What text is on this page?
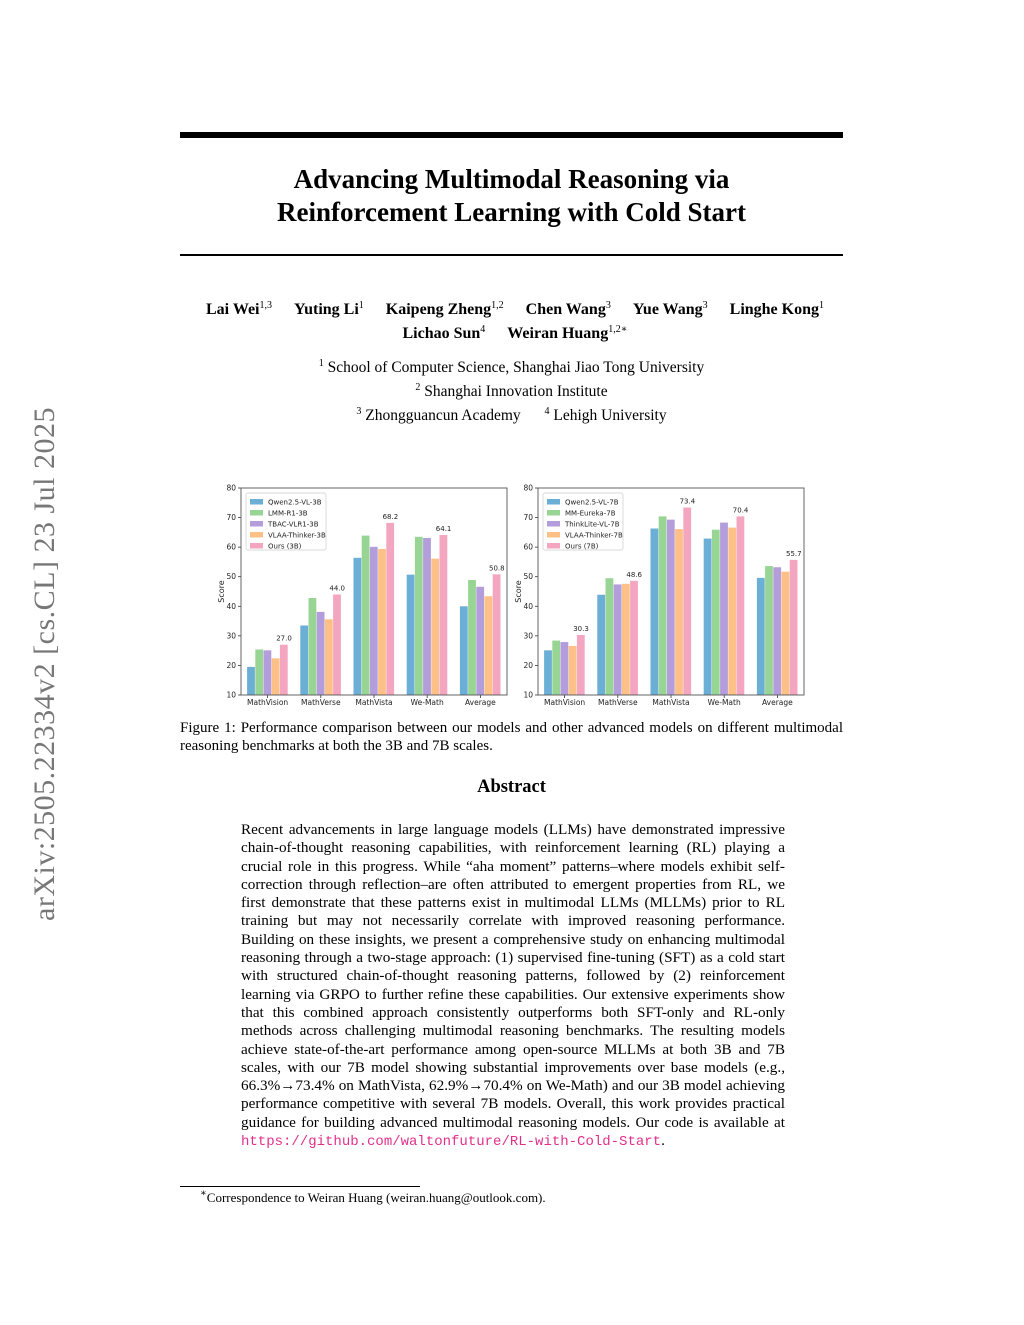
arXiv:2505.22334v2 [cs.CL] 23 Jul 2025
Advancing Multimodal Reasoning via
Reinforcement Learning with Cold Start
Lai Wei$^{1,3}$ Yuting Li$^1$ Kaipeng Zheng$^{1,2}$ Chen Wang$^3$ Yue Wang$^3$ Linghe Kong$^1$
Lichao Sun$^4$ Weiran Huang$^{1,2∗}$
$^1$ School of Computer Science, Shanghai Jiao Tong University
$^2$ Shanghai Innovation Institute
$^3$ Zhongguancun Academy $^4$ Lehigh University
10
20
30
40
50
60
70
80
Score
27.0
MathVision
44.0
MathVerse
68.2
MathVista
64.1
We-Math
50.8
Average
Qwen2.5-VL-3B
LMM-R1-3B
TBAC-VLR1-3B
VLAA-Thinker-3B
Ours (3B)
10
20
30
40
50
60
70
80
Score
30.3
MathVision
48.6
MathVerse
73.4
MathVista
70.4
We-Math
55.7
Average
Qwen2.5-VL-7B
MM-Eureka-7B
ThinkLite-VL-7B
VLAA-Thinker-7B
Ours (7B)
Figure 1: Performance comparison between our models and other advanced models on different multimodal reasoning benchmarks at both the 3B and 7B scales.
Abstract
Recent advancements in large language models (LLMs) have demonstrated impressive chain-of-thought reasoning capabilities, with reinforcement learning (RL) playing a crucial role in this progress. While “aha moment” patterns–where models exhibit self-correction through reflection–are often attributed to emergent properties from RL, we first demonstrate that these patterns exist in multimodal LLMs (MLLMs) prior to RL training but may not necessarily correlate with improved reasoning performance. Building on these insights, we present a comprehensive study on enhancing multimodal reasoning through a two-stage approach: (1) supervised fine-tuning (SFT) as a cold start with structured chain-of-thought reasoning patterns, followed by (2) reinforcement learning via GRPO to further refine these capabilities. Our extensive experiments show that this combined approach consistently outperforms both SFT-only and RL-only methods across challenging multimodal reasoning benchmarks. The resulting models achieve state-of-the-art performance among open-source MLLMs at both 3B and 7B scales, with our 7B model showing substantial improvements over base models (e.g., 66.3%→73.4% on MathVista, 62.9%→70.4% on We-Math) and our 3B model achieving performance competitive with several 7B models. Overall, this work provides practical guidance for building advanced multimodal reasoning models. Our code is available at https://github.com/waltonfuture/RL-with-Cold-Start.
∗Correspondence to Weiran Huang (weiran.huang@outlook.com).
